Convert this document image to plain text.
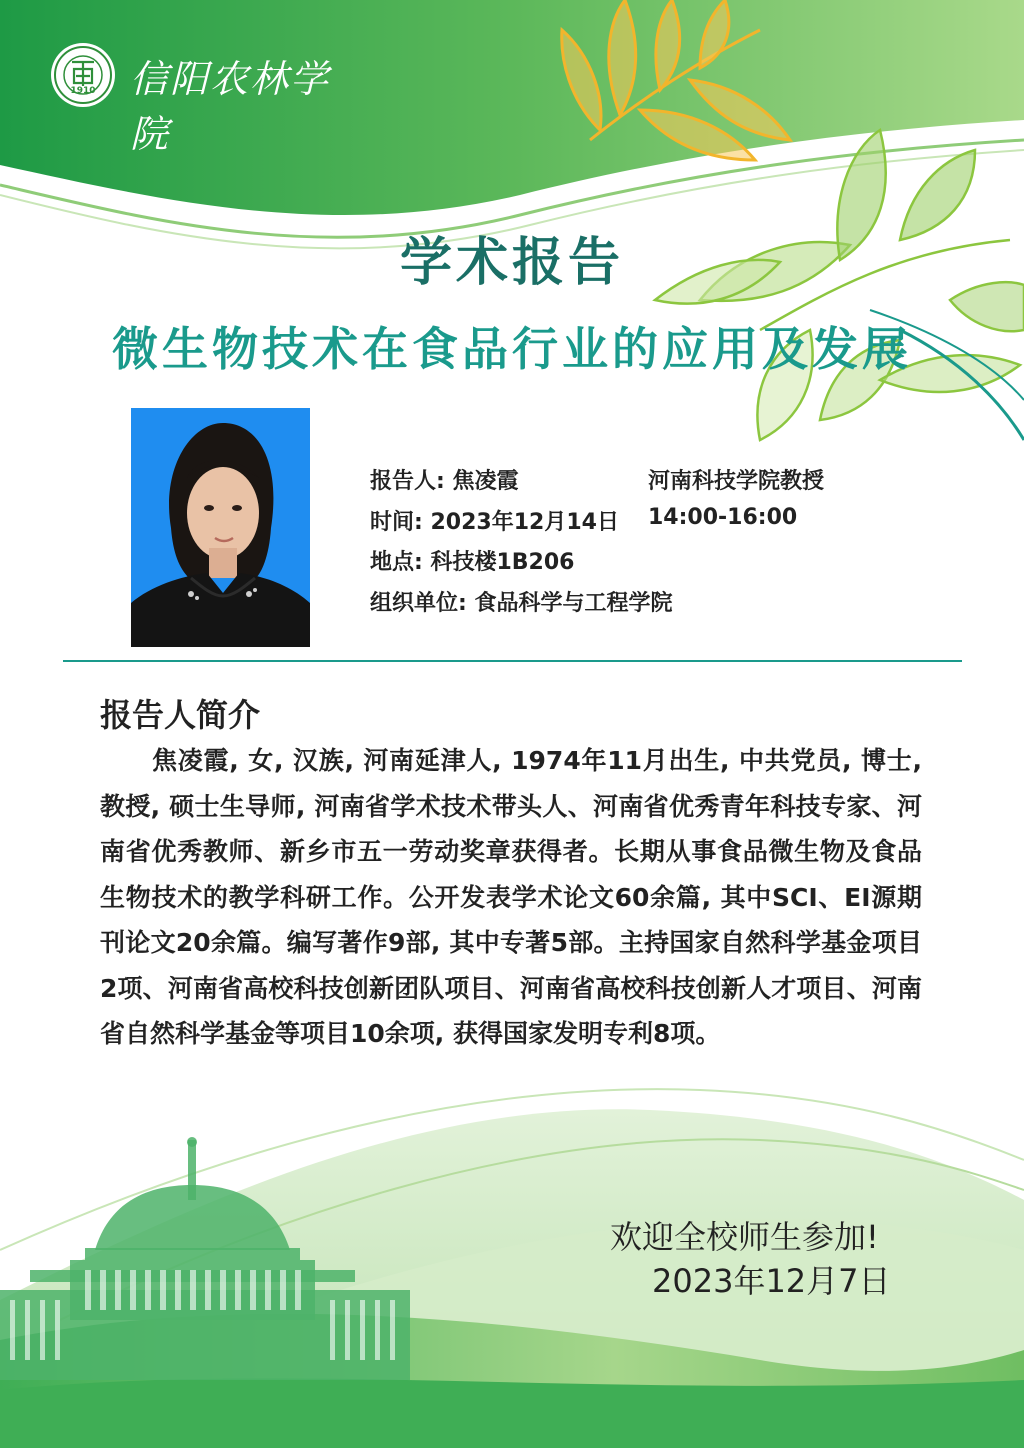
1910 信阳农林学院
学术报告
微生物技术在食品行业的应用及发展
报告人: 焦凌霞	河南科技学院教授
时间: 2023年12月14日 14:00-16:00
地点: 科技楼1B206
组织单位: 食品科学与工程学院
报告人简介
焦凌霞, 女, 汉族, 河南延津人, 1974年11月出生, 中共党员, 博士, 教授, 硕士生导师, 河南省学术技术带头人、河南省优秀青年科技专家、河南省优秀教师、新乡市五一劳动奖章获得者。长期从事食品微生物及食品生物技术的教学科研工作。公开发表学术论文60余篇, 其中SCI、EI源期刊论文20余篇。编写著作9部, 其中专著5部。主持国家自然科学基金项目2项、河南省高校科技创新团队项目、河南省高校科技创新人才项目、河南省自然科学基金等项目10余项, 获得国家发明专利8项。
欢迎全校师生参加!
2023年12月7日
